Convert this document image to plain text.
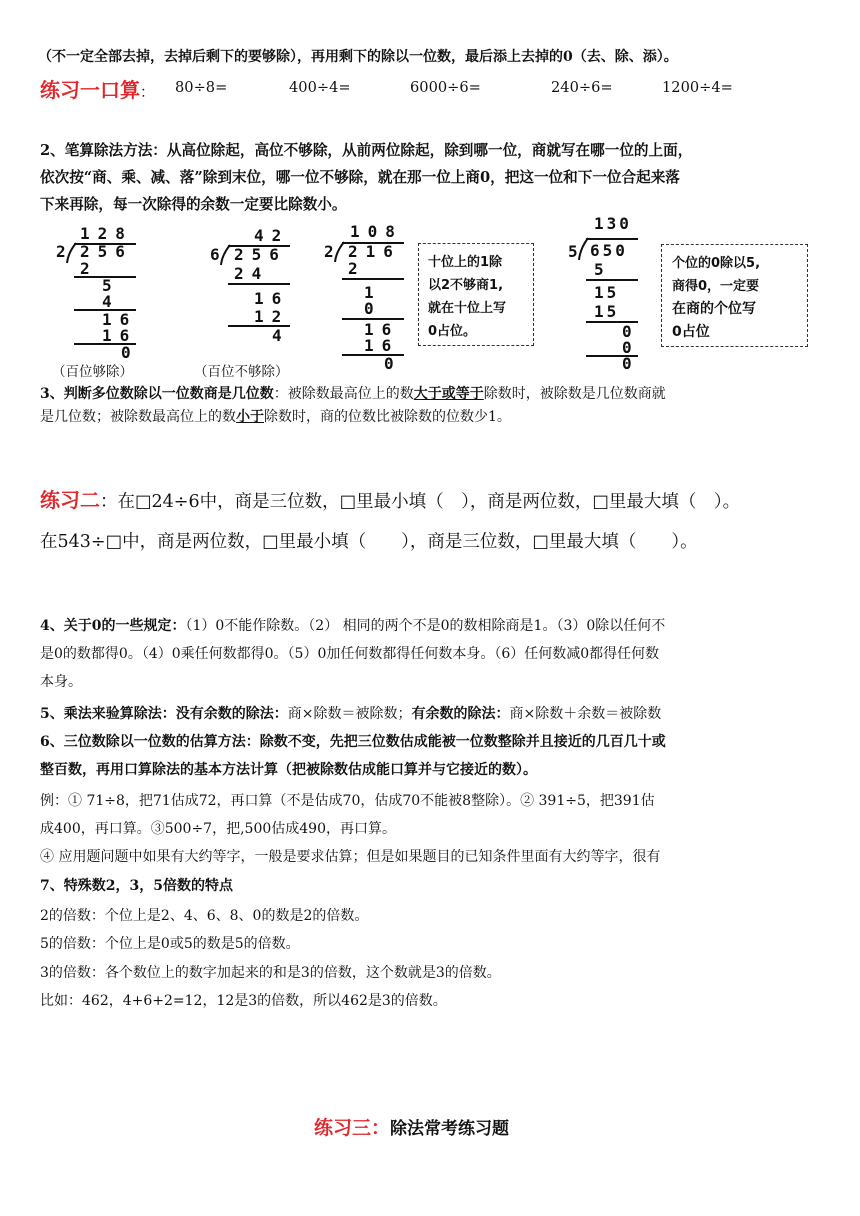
（不一定全部去掉，去掉后剩下的要够除），再用剩下的除以一位数，最后添上去掉的0（去、除、添）。
练习一口算： 80÷8=	400÷4=	6000÷6=	240÷6=	1200÷4=
2、笔算除法方法：从高位除起，高位不够除，从前两位除起，除到哪一位，商就写在哪一位的上面，
依次按“商、乘、减、落”除到末位，哪一位不够除，就在那一位上商0，把这一位和下一位合起来落
下来再除，每一次除得的余数一定要比除数小。
128
2 256
2
5
4
16
16
0
（百位够除）
42
6 256
24
16
12
4
（百位不够除）
108
2 216
2
1
0
16
16
0
十位上的1除
以2不够商1,
就在十位上写
0占位。
130
5 650
5
15
15
0
0
0
个位的0除以5,
商得0，一定要
在商的个位写
0占位
3、判断多位数除以一位数商是几位数：被除数最高位上的数大于或等于除数时，被除数是几位数商就
是几位数；被除数最高位上的数小于除数时，商的位数比被除数的位数少1。
练习二：在□24÷6中，商是三位数，□里最小填（　），商是两位数，□里最大填（　）。
在543÷□中，商是两位数，□里最小填（　　），商是三位数，□里最大填（　　）。
4、关于0的一些规定：（1）0不能作除数。（2） 相同的两个不是0的数相除商是1。（3）0除以任何不
是0的数都得0。（4）0乘任何数都得0。（5）0加任何数都得任何数本身。（6）任何数减0都得任何数
本身。
5、乘法来验算除法：没有余数的除法：商×除数＝被除数；有余数的除法：商×除数＋余数＝被除数
6、三位数除以一位数的估算方法：除数不变，先把三位数估成能被一位数整除并且接近的几百几十或
整百数，再用口算除法的基本方法计算（把被除数估成能口算并与它接近的数）。
例：① 71÷8，把71估成72，再口算（不是估成70，估成70不能被8整除）。② 391÷5，把391估
成400，再口算。③500÷7，把,500估成490，再口算。
④ 应用题问题中如果有大约等字，一般是要求估算；但是如果题目的已知条件里面有大约等字，很有
7、特殊数2，3，5倍数的特点
2的倍数：个位上是2、4、6、8、0的数是2的倍数。
5的倍数：个位上是0或5的数是5的倍数。
3的倍数：各个数位上的数字加起来的和是3的倍数，这个数就是3的倍数。
比如：462，4+6+2=12，12是3的倍数，所以462是3的倍数。
练习三：除法常考练习题
